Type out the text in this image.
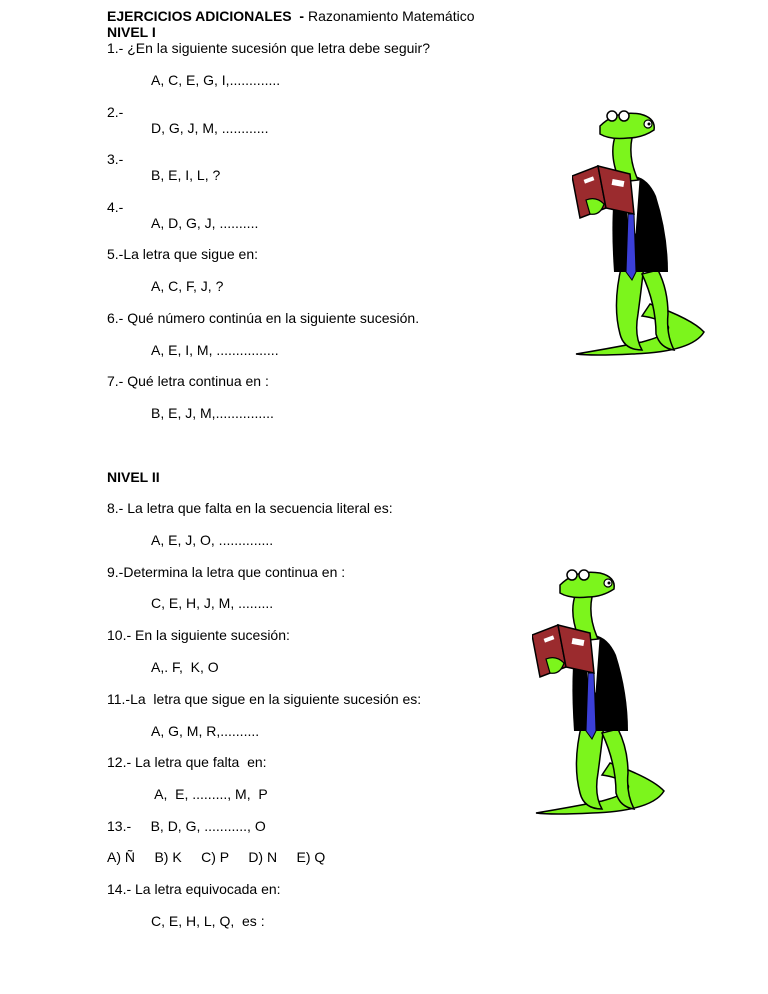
EJERCICIOS ADICIONALES  - Razonamiento Matemático
NIVEL I
1.- ¿En la siguiente sucesión que letra debe seguir?
A, C, E, G, I,.............
2.-
D, G, J, M, ............
3.-
B, E, I, L, ?
4.-
A, D, G, J, ..........
5.-La letra que sigue en:
A, C, F, J, ?
6.- Qué número continúa en la siguiente sucesión.
A, E, I, M, ................
7.- Qué letra continua en :
B, E, J, M,...............
NIVEL II
8.- La letra que falta en la secuencia literal es:
A, E, J, O, ..............
9.-Determina la letra que continua en :
C, E, H, J, M, .........
10.- En la siguiente sucesión:
A,. F,  K, O
11.-La  letra que sigue en la siguiente sucesión es:
A, G, M, R,..........
12.- La letra que falta  en:
A,  E, ........., M,  P
13.-     B, D, G, ..........., O
A) Ñ     B) K     C) P     D) N     E) Q
14.- La letra equivocada en:
C, E, H, L, Q,  es :
